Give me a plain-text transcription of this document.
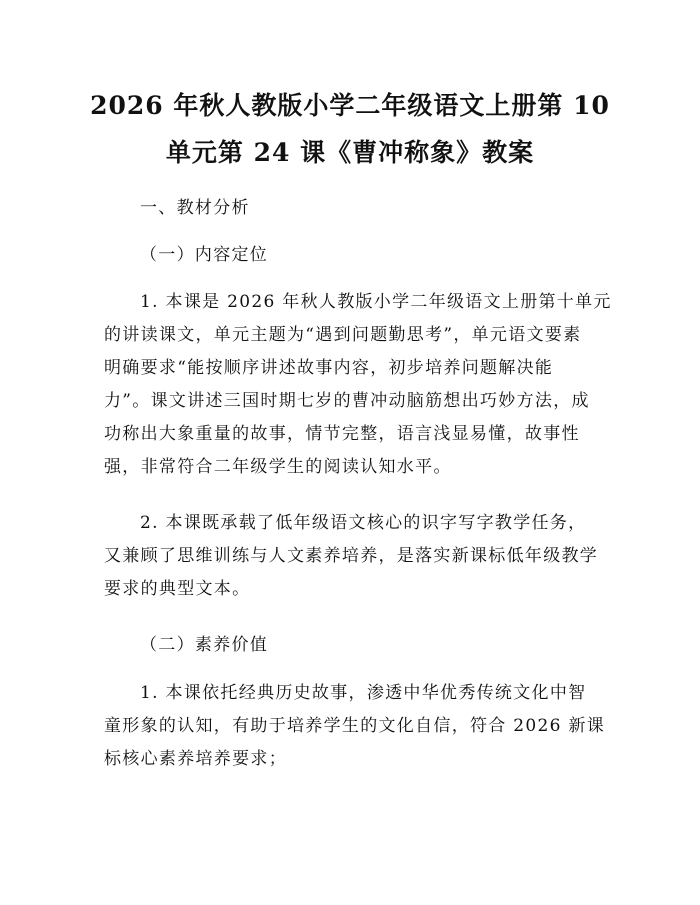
2026 年秋人教版小学二年级语文上册第 10
单元第 24 课《曹冲称象》教案
一、教材分析
（一）内容定位
1. 本课是 2026 年秋人教版小学二年级语文上册第十单元
的讲读课文，单元主题为“遇到问题勤思考”，单元语文要素
明确要求“能按顺序讲述故事内容，初步培养问题解决能
力”。课文讲述三国时期七岁的曹冲动脑筋想出巧妙方法，成
功称出大象重量的故事，情节完整，语言浅显易懂，故事性
强，非常符合二年级学生的阅读认知水平。
2. 本课既承载了低年级语文核心的识字写字教学任务，
又兼顾了思维训练与人文素养培养，是落实新课标低年级教学
要求的典型文本。
（二）素养价值
1. 本课依托经典历史故事，渗透中华优秀传统文化中智
童形象的认知，有助于培养学生的文化自信，符合 2026 新课
标核心素养培养要求；
